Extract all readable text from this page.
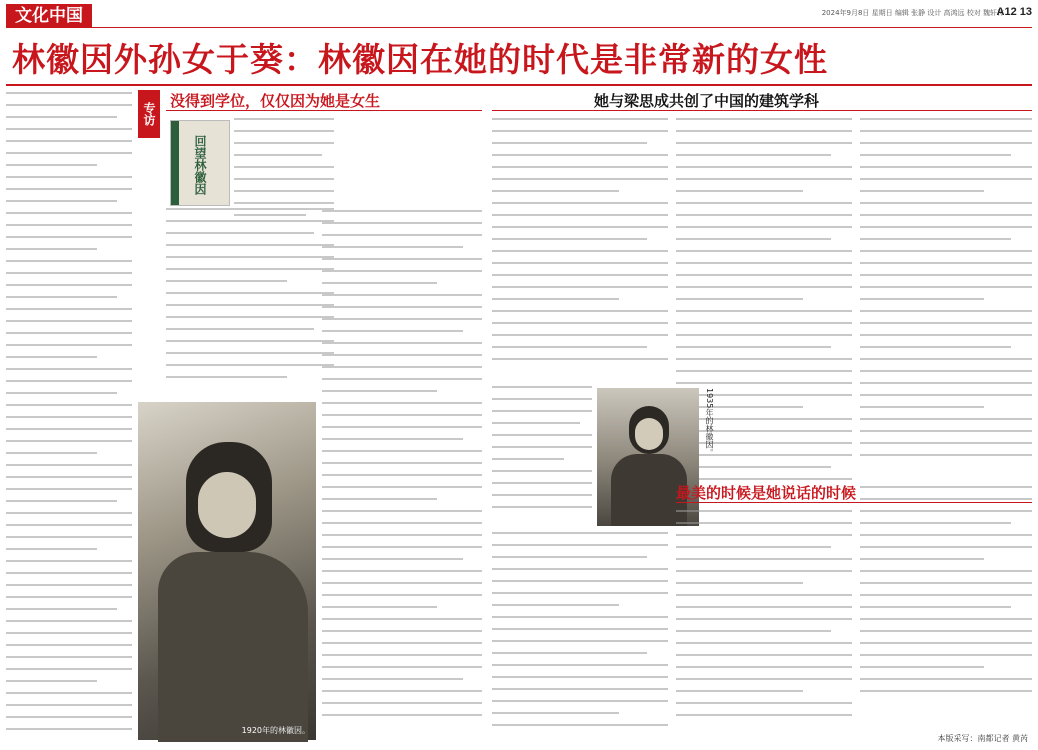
文化中国	2024年9月8日 星期日 编辑 张静 设计 高鸿远 校对 魏轩林
A12 13
林徽因外孙女于葵：林徽因在她的时代是非常新的女性
专访
没得到学位，仅仅因为她是女生
回望林徽因
1920年的林徽因。
她与梁思成共创了中国的建筑学科
1935年的林徽因。
最美的时候是她说话的时候
本版采写：南都记者 黄芮
